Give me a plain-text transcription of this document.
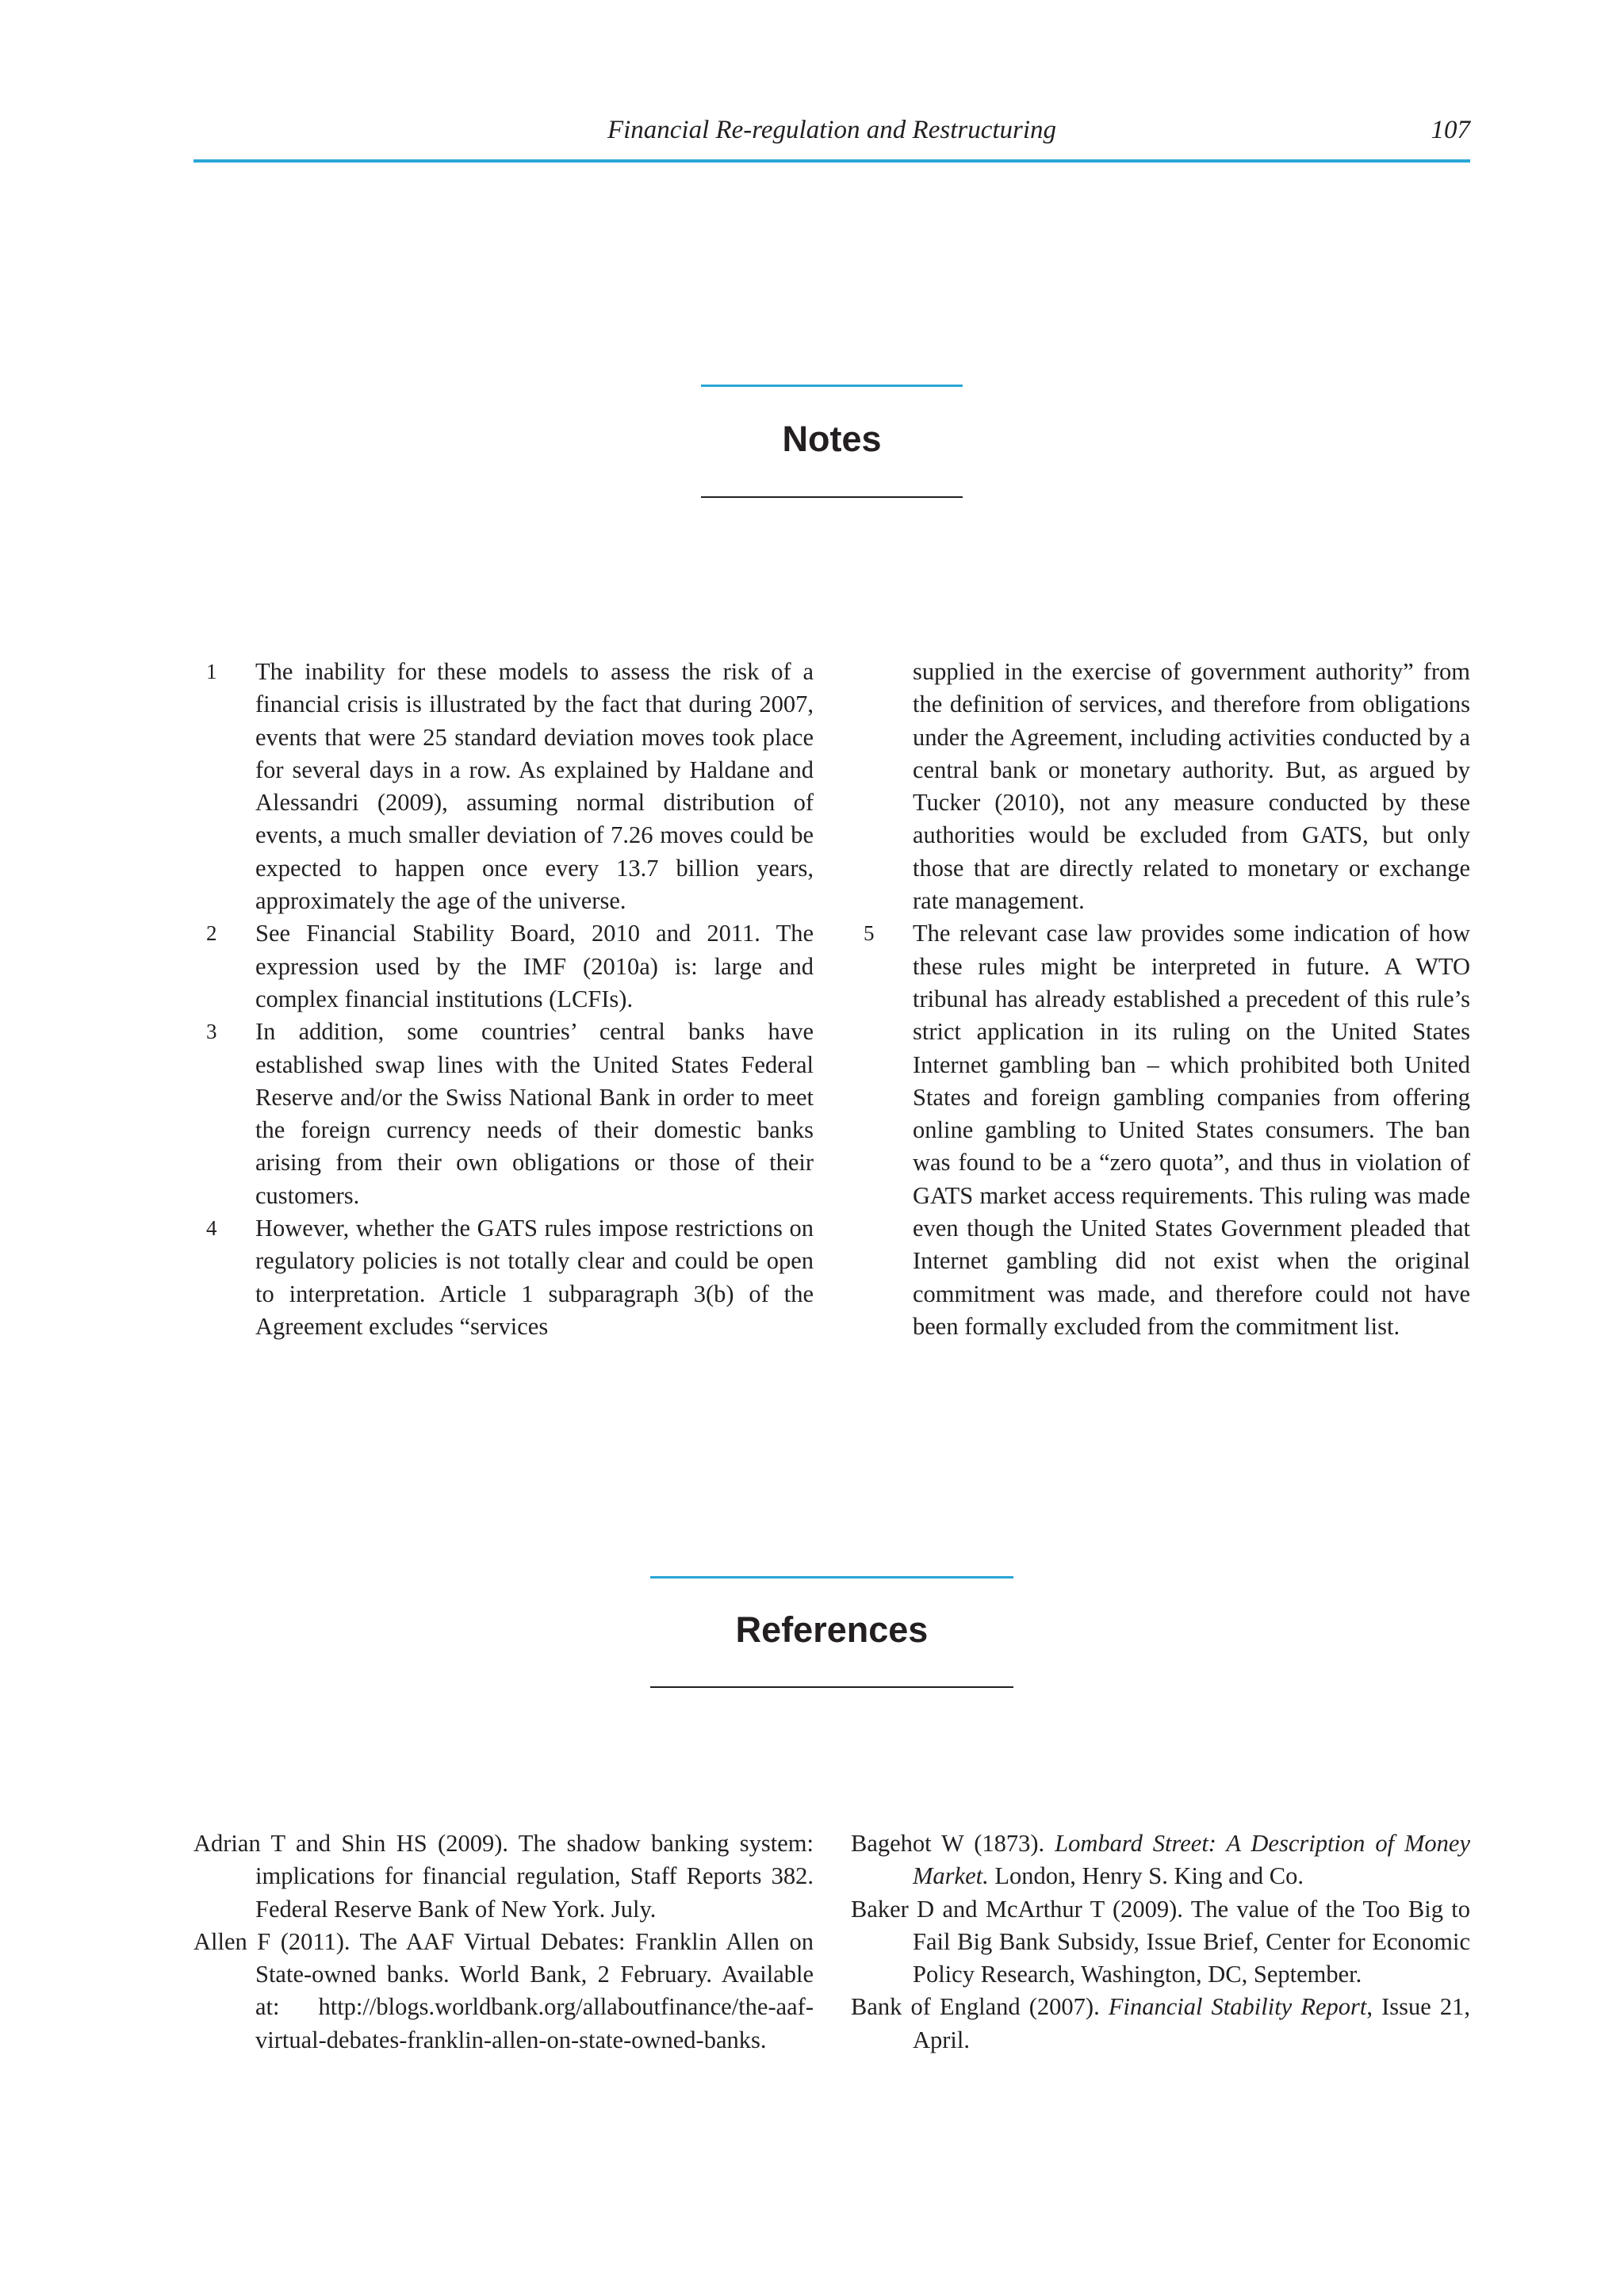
Financial Re-regulation and Restructuring	107
Notes

1 The inability for these models to assess the risk of a financial crisis is illustrated by the fact that during 2007, events that were 25 standard deviation moves took place for several days in a row. As explained by Haldane and Alessandri (2009), assuming normal distribution of events, a much smaller deviation of 7.26 moves could be expected to happen once every 13.7 billion years, approximately the age of the universe.

2 See Financial Stability Board, 2010 and 2011. The expression used by the IMF (2010a) is: large and complex financial institutions (LCFIs).

3 In addition, some countries’ central banks have established swap lines with the United States Federal Reserve and/or the Swiss National Bank in order to meet the foreign currency needs of their domestic banks arising from their own obligations or those of their customers.

4 However, whether the GATS rules impose restrictions on regulatory policies is not totally clear and could be open to interpretation. Article 1 subparagraph 3(b) of the Agreement excludes “services

supplied in the exercise of government authority” from the definition of services, and therefore from obligations under the Agreement, including activities conducted by a central bank or monetary authority. But, as argued by Tucker (2010), not any measure conducted by these authorities would be excluded from GATS, but only those that are directly related to monetary or exchange rate management.

5 The relevant case law provides some indication of how these rules might be interpreted in future. A WTO tribunal has already established a precedent of this rule’s strict application in its ruling on the United States Internet gambling ban – which prohibited both United States and foreign gambling companies from offering online gambling to United States consumers. The ban was found to be a “zero quota”, and thus in violation of GATS market access requirements. This ruling was made even though the United States Government pleaded that Internet gambling did not exist when the original commitment was made, and therefore could not have been formally excluded from the commitment list.

References

Adrian T and Shin HS (2009). The shadow banking system: implications for financial regulation, Staff Reports 382. Federal Reserve Bank of New York. July.

Allen F (2011). The AAF Virtual Debates: Franklin Allen on State-owned banks. World Bank, 2 February. Available at: http://blogs.worldbank.org/allaboutfinance/the-aaf-virtual-debates-franklin-allen-on-state-owned-banks.

Bagehot W (1873). Lombard Street: A Description of Money Market. London, Henry S. King and Co.

Baker D and McArthur T (2009). The value of the Too Big to Fail Big Bank Subsidy, Issue Brief, Center for Economic Policy Research, Washington, DC, September.

Bank of England (2007). Financial Stability Report, Issue 21, April.
